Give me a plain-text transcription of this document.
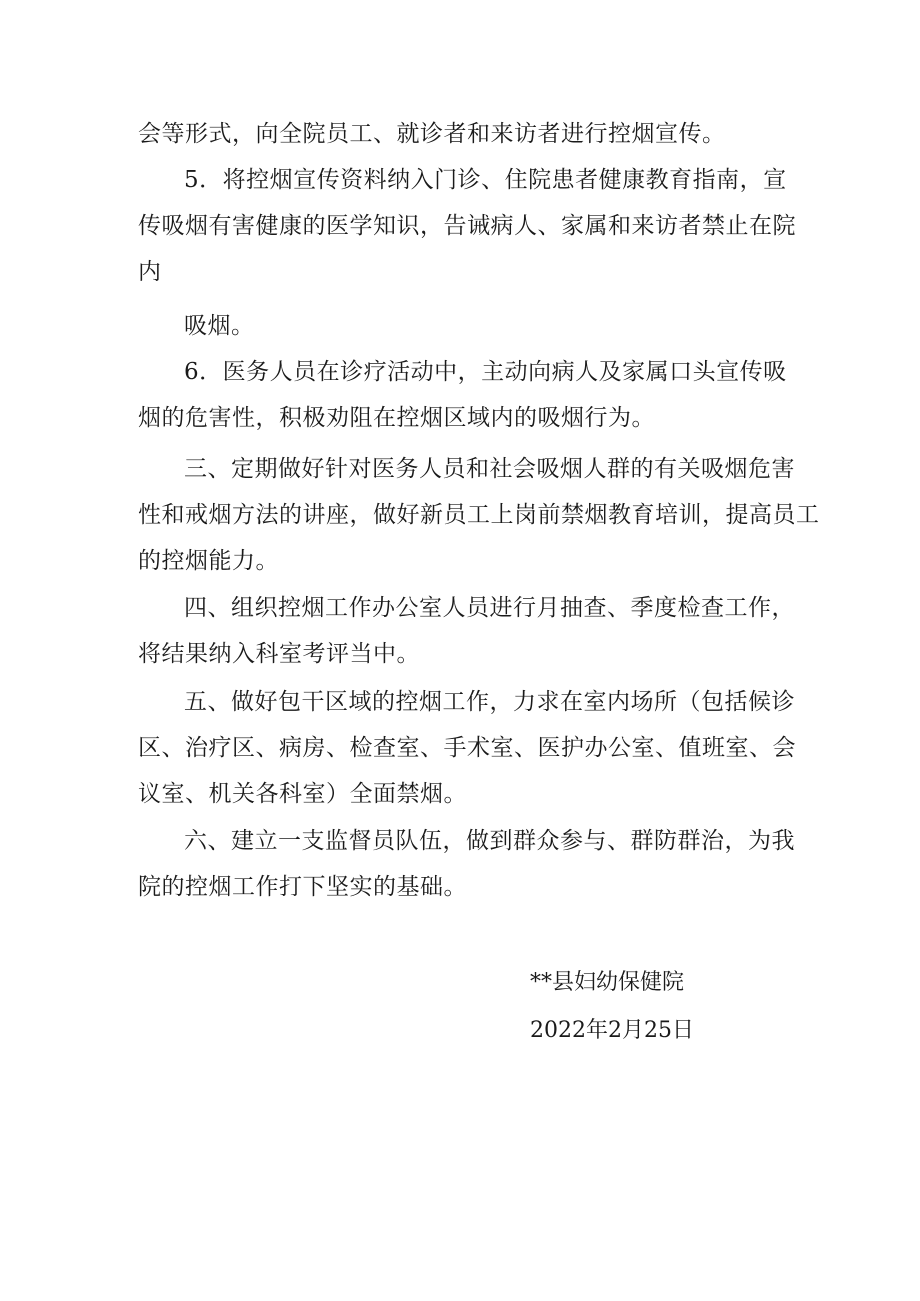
会等形式，向全院员工、就诊者和来访者进行控烟宣传。

5．将控烟宣传资料纳入门诊、住院患者健康教育指南，宣
传吸烟有害健康的医学知识，告诫病人、家属和来访者禁止在院
内

吸烟。

6．医务人员在诊疗活动中，主动向病人及家属口头宣传吸
烟的危害性，积极劝阻在控烟区域内的吸烟行为。

三、定期做好针对医务人员和社会吸烟人群的有关吸烟危害
性和戒烟方法的讲座，做好新员工上岗前禁烟教育培训，提高员工
的控烟能力。

四、组织控烟工作办公室人员进行月抽查、季度检查工作，
将结果纳入科室考评当中。

五、做好包干区域的控烟工作，力求在室内场所（包括候诊
区、治疗区、病房、检查室、手术室、医护办公室、值班室、会
议室、机关各科室）全面禁烟。

六、建立一支监督员队伍，做到群众参与、群防群治，为我
院的控烟工作打下坚实的基础。

**县妇幼保健院

2022年2月25日
